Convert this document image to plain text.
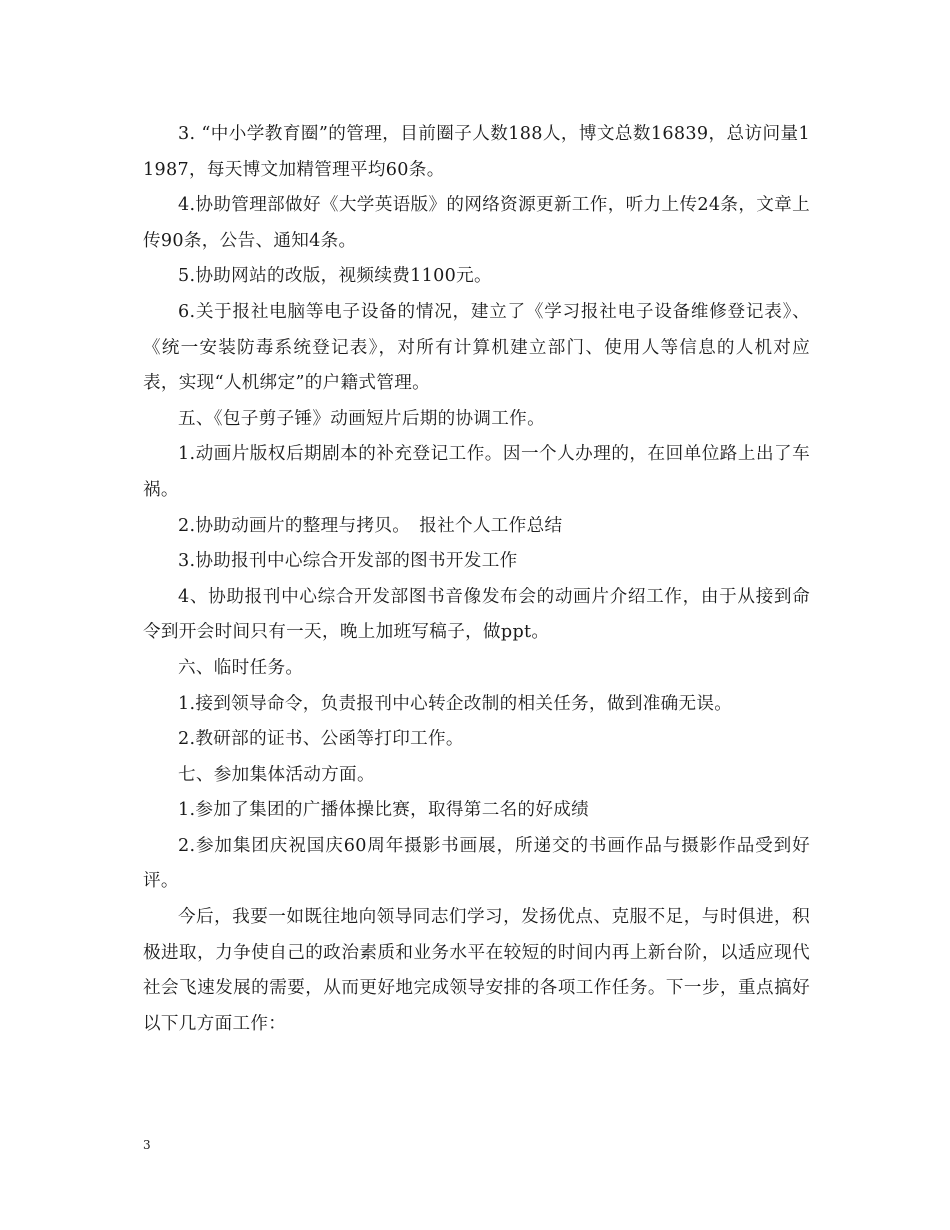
3. “中小学教育圈”的管理，目前圈子人数188人，博文总数16839，总访问量11987，每天博文加精管理平均60条。

4.协助管理部做好《大学英语版》的网络资源更新工作，听力上传24条，文章上传90条，公告、通知4条。

5.协助网站的改版，视频续费1100元。

6.关于报社电脑等电子设备的情况，建立了《学习报社电子设备维修登记表》、《统一安装防毒系统登记表》，对所有计算机建立部门、使用人等信息的人机对应表，实现“人机绑定”的户籍式管理。

五、《包子剪子锤》动画短片后期的协调工作。

1.动画片版权后期剧本的补充登记工作。因一个人办理的，在回单位路上出了车祸。

2.协助动画片的整理与拷贝。　报社个人工作总结

3.协助报刊中心综合开发部的图书开发工作

4、协助报刊中心综合开发部图书音像发布会的动画片介绍工作，由于从接到命令到开会时间只有一天，晚上加班写稿子，做ppt。

六、临时任务。

1.接到领导命令，负责报刊中心转企改制的相关任务，做到准确无误。

2.教研部的证书、公函等打印工作。

七、参加集体活动方面。

1.参加了集团的广播体操比赛，取得第二名的好成绩

2.参加集团庆祝国庆60周年摄影书画展，所递交的书画作品与摄影作品受到好评。

今后，我要一如既往地向领导同志们学习，发扬优点、克服不足，与时俱进，积极进取，力争使自己的政治素质和业务水平在较短的时间内再上新台阶，以适应现代社会飞速发展的需要，从而更好地完成领导安排的各项工作任务。下一步，重点搞好以下几方面工作：

3
